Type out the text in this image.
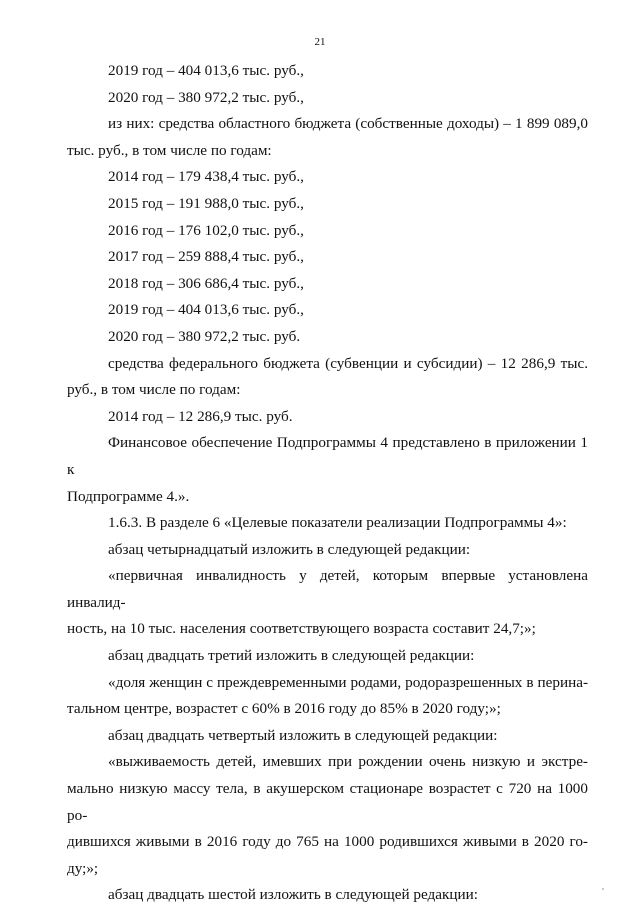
21

2019 год – 404 013,6 тыс. руб.,

2020 год – 380 972,2 тыс. руб.,

из них: средства областного бюджета (собственные доходы) – 1 899 089,0

тыс. руб., в том числе по годам:

2014 год – 179 438,4 тыс. руб.,

2015 год – 191 988,0 тыс. руб.,

2016 год – 176 102,0 тыс. руб.,

2017 год – 259 888,4 тыс. руб.,

2018 год – 306 686,4 тыс. руб.,

2019 год – 404 013,6 тыс. руб.,

2020 год – 380 972,2 тыс. руб.

средства федерального бюджета (субвенции и субсидии) – 12 286,9 тыс.

руб., в том числе по годам:

2014 год – 12 286,9 тыс. руб.

Финансовое обеспечение Подпрограммы 4 представлено в приложении 1 к

Подпрограмме 4.».

1.6.3. В разделе 6 «Целевые показатели реализации Подпрограммы 4»:

абзац четырнадцатый изложить в следующей редакции:

«первичная инвалидность у детей, которым впервые установлена инвалид-

ность, на 10 тыс. населения соответствующего возраста составит 24,7;»;

абзац двадцать третий изложить в следующей редакции:

«доля женщин с преждевременными родами, родоразрешенных в перина-

тальном центре, возрастет с 60% в 2016 году до 85% в 2020 году;»;

абзац двадцать четвертый изложить в следующей редакции:

«выживаемость детей, имевших при рождении очень низкую и экстре-

мально низкую массу тела, в акушерском стационаре возрастет с 720 на 1000 ро-

дившихся живыми в 2016 году до 765 на 1000 родившихся живыми в 2020 го-

ду;»;

абзац двадцать шестой изложить в следующей редакции:
